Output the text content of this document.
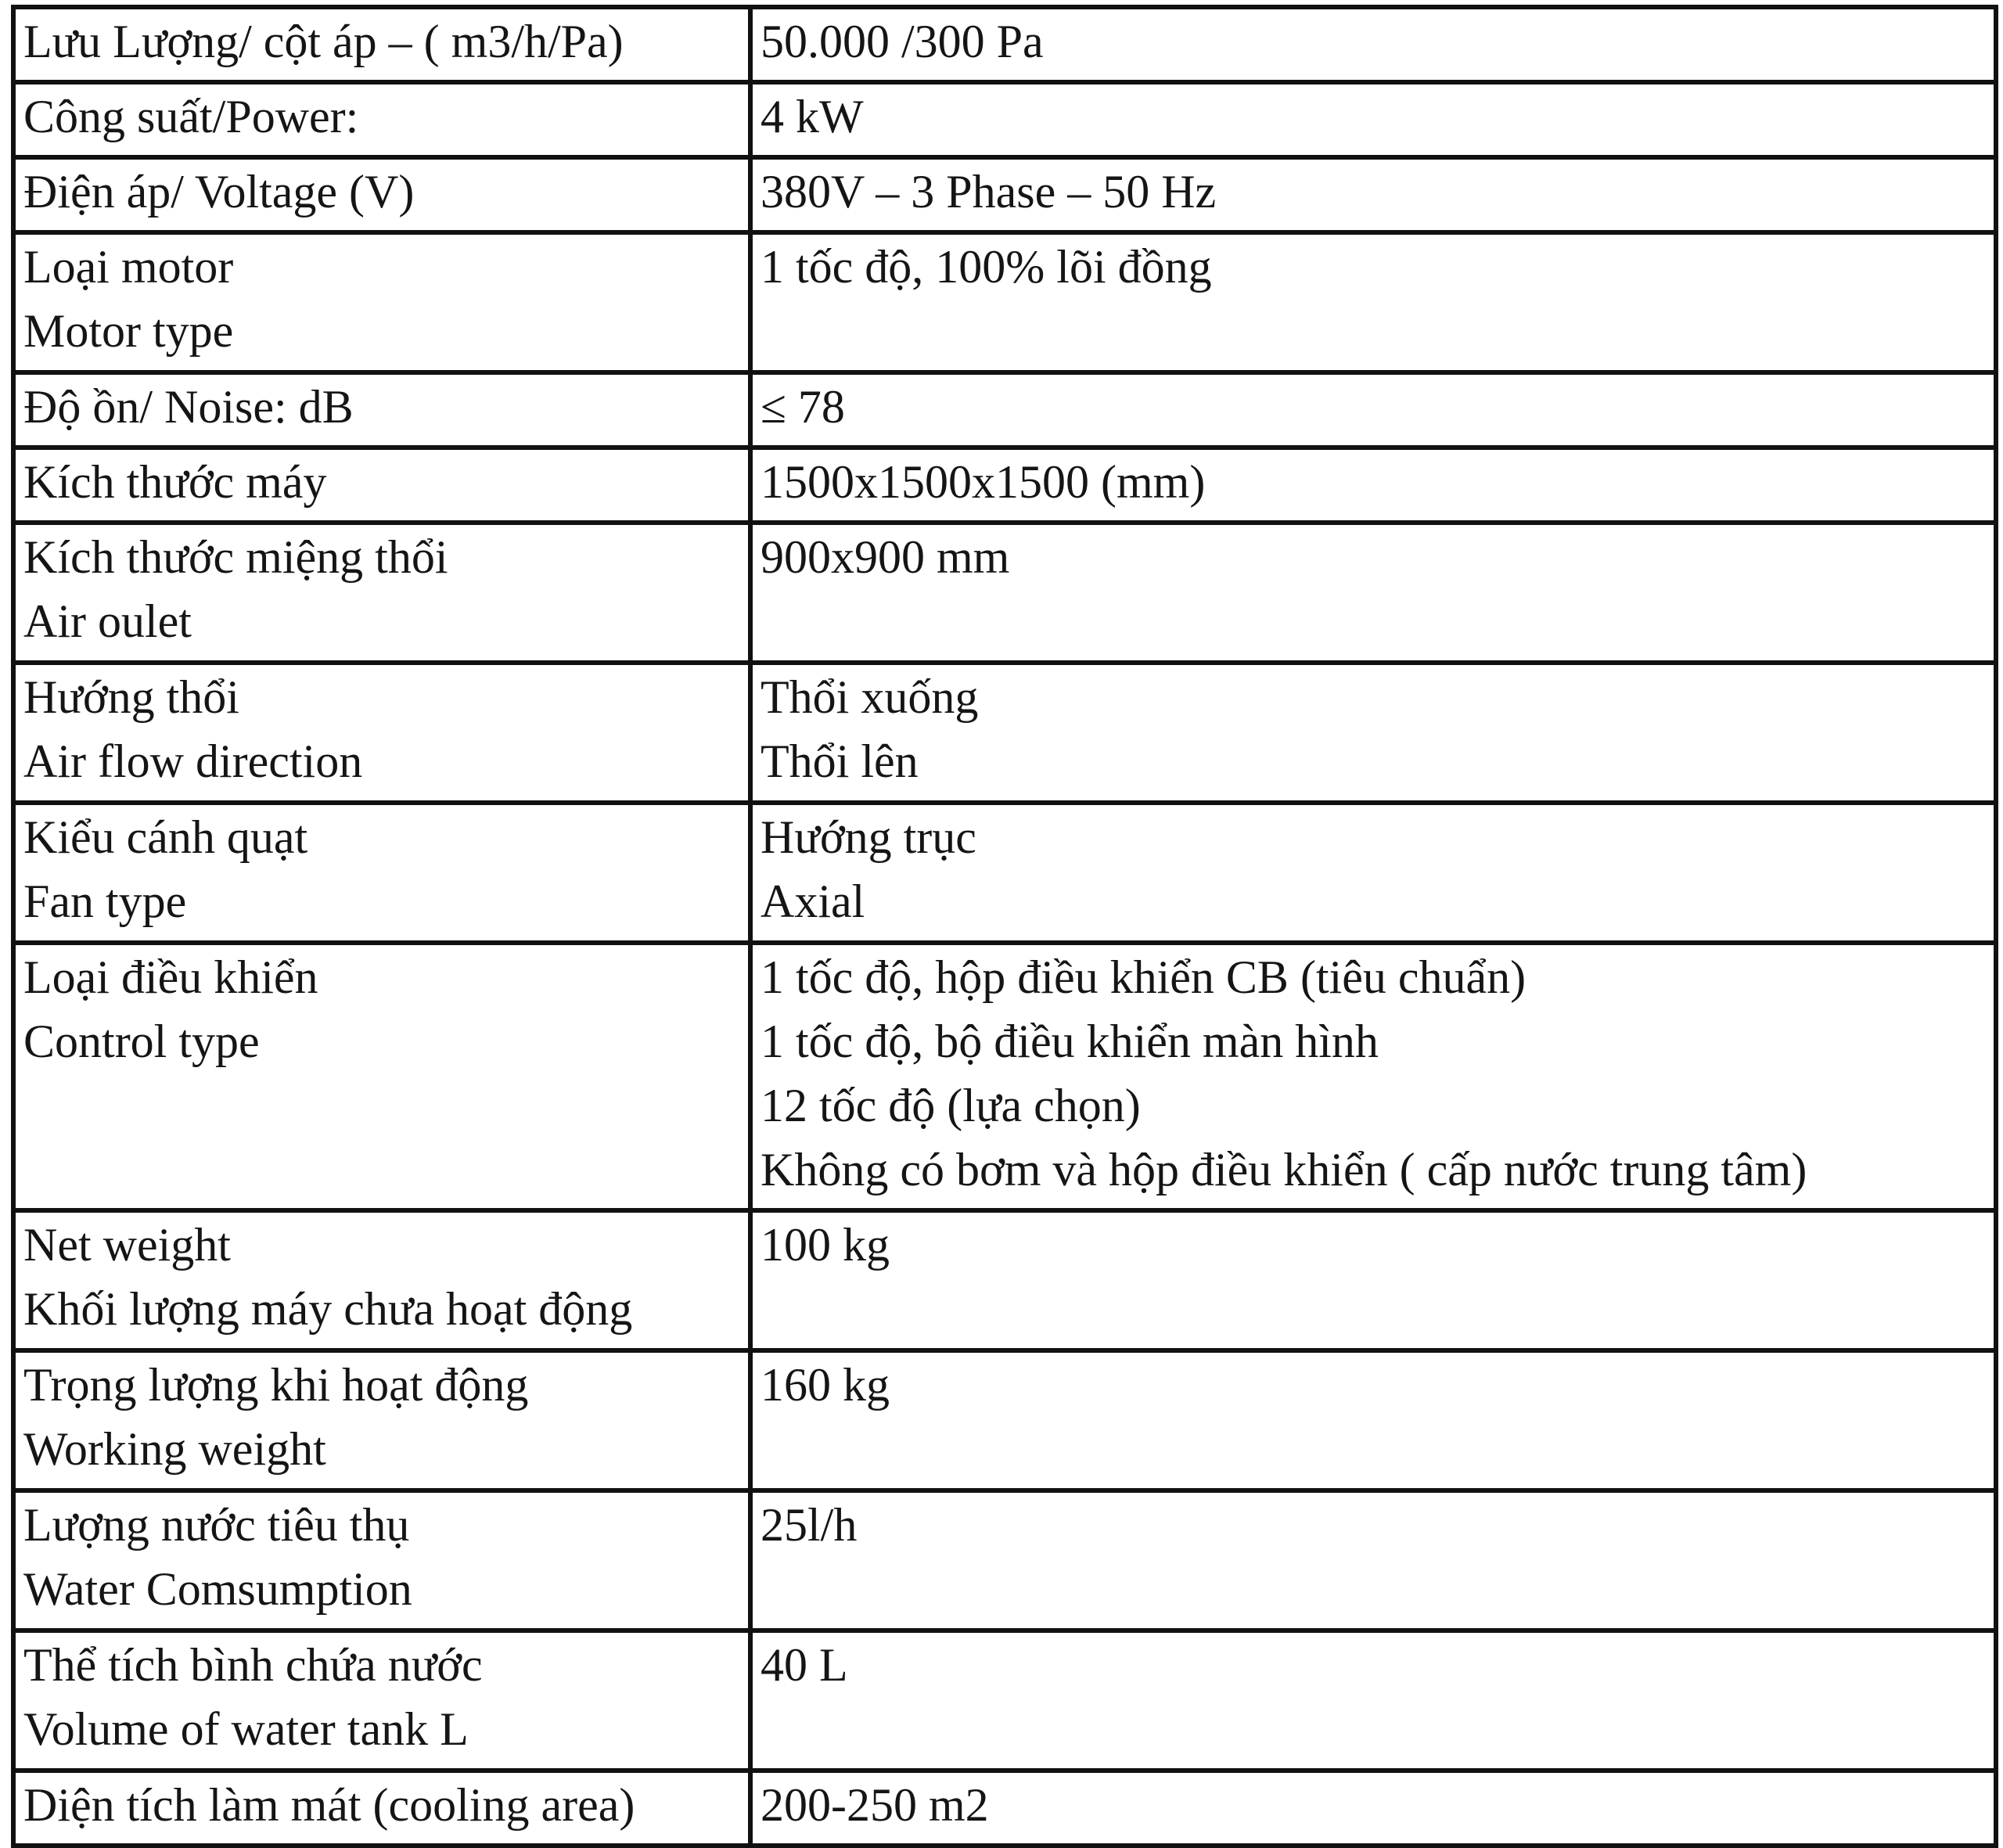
Lưu Lượng/ cột áp – ( m3/h/Pa)	50.000 /300 Pa

Công suất/Power:	4 kW

Điện áp/ Voltage (V)	380V – 3 Phase – 50 Hz

Loại motor
Motor type	1 tốc độ, 100% lõi đồng

Độ ồn/ Noise: dB	≤ 78

Kích thước máy	1500x1500x1500 (mm)

Kích thước miệng thổi
Air oulet	900x900 mm

Hướng thổi
Air flow direction	Thổi xuống
Thổi lên

Kiểu cánh quạt
Fan type	Hướng trục
Axial

Loại điều khiển
Control type	1 tốc độ, hộp điều khiển CB (tiêu chuẩn)
1 tốc độ, bộ điều khiển màn hình
12 tốc độ (lựa chọn)
Không có bơm và hộp điều khiển ( cấp nước trung tâm)

Net weight
Khối lượng máy chưa hoạt động	100 kg

Trọng lượng khi hoạt động
Working weight	160 kg

Lượng nước tiêu thụ
Water Comsumption	25l/h

Thể tích bình chứa nước
Volume of water tank L	40 L

Diện tích làm mát (cooling area)	200-250 m2
